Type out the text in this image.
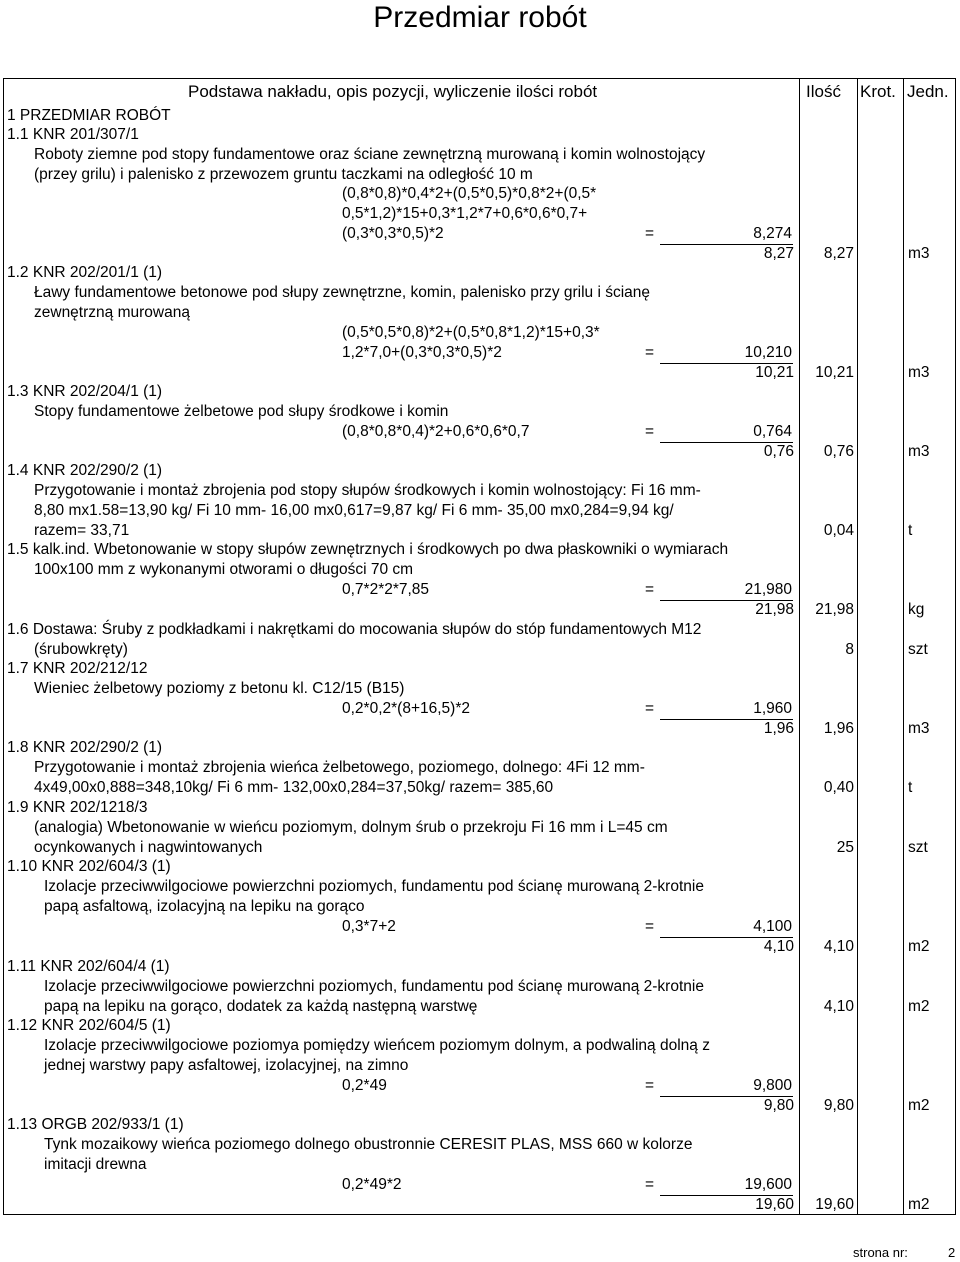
Przedmiar robót
Podstawa nakładu, opis pozycji, wyliczenie ilości robót	Ilość Krot. Jedn.
1 PRZEDMIAR ROBÓT
1.1 KNR 201/307/1
Roboty ziemne pod stopy fundamentowe oraz ściane zewnętrzną murowaną i komin wolnostojący
(przey grilu) i palenisko z przewozem gruntu taczkami na odległość 10 m
(0,8*0,8)*0,4*2+(0,5*0,5)*0,8*2+(0,5*
0,5*1,2)*15+0,3*1,2*7+0,6*0,6*0,7+
(0,3*0,3*0,5)*2	=	8,274
8,27	8,27	m3
1.2 KNR 202/201/1 (1)
Ławy fundamentowe betonowe pod słupy zewnętrzne, komin, palenisko przy grilu i ścianę
zewnętrzną murowaną
(0,5*0,5*0,8)*2+(0,5*0,8*1,2)*15+0,3*
1,2*7,0+(0,3*0,3*0,5)*2	=	10,210
10,21	10,21	m3
1.3 KNR 202/204/1 (1)
Stopy fundamentowe żelbetowe pod słupy środkowe i komin
(0,8*0,8*0,4)*2+0,6*0,6*0,7	=	0,764
0,76	0,76	m3
1.4 KNR 202/290/2 (1)
Przygotowanie i montaż zbrojenia pod stopy słupów środkowych i komin wolnostojący: Fi 16 mm-
8,80 mx1.58=13,90 kg/ Fi 10 mm- 16,00 mx0,617=9,87 kg/ Fi 6 mm- 35,00 mx0,284=9,94 kg/
razem= 33,71	0,04	t
1.5 kalk.ind. Wbetonowanie w stopy słupów zewnętrznych i środkowych po dwa płaskowniki o wymiarach
100x100 mm z wykonanymi otworami o długości 70 cm
0,7*2*2*7,85	=	21,980
21,98	21,98	kg
1.6 Dostawa: Śruby z podkładkami i nakrętkami do mocowania słupów do stóp fundamentowych M12
(śrubowkręty)	8	szt
1.7 KNR 202/212/12
Wieniec żelbetowy poziomy z betonu kl. C12/15 (B15)
0,2*0,2*(8+16,5)*2	=	1,960
1,96	1,96	m3
1.8 KNR 202/290/2 (1)
Przygotowanie i montaż zbrojenia wieńca żelbetowego, poziomego, dolnego: 4Fi 12 mm-
4x49,00x0,888=348,10kg/ Fi 6 mm- 132,00x0,284=37,50kg/ razem= 385,60	0,40	t
1.9 KNR 202/1218/3
(analogia) Wbetonowanie w wieńcu poziomym, dolnym śrub o przekroju Fi 16 mm i L=45 cm
ocynkowanych i nagwintowanych	25	szt
1.10 KNR 202/604/3 (1)
Izolacje przeciwwilgociowe powierzchni poziomych, fundamentu pod ścianę murowaną 2-krotnie
papą asfaltową, izolacyjną na lepiku na gorąco
0,3*7+2	=	4,100
4,10	4,10	m2
1.11 KNR 202/604/4 (1)
Izolacje przeciwwilgociowe powierzchni poziomych, fundamentu pod ścianę murowaną 2-krotnie
papą na lepiku na gorąco, dodatek za każdą następną warstwę	4,10	m2
1.12 KNR 202/604/5 (1)
Izolacje przeciwwilgociowe poziomya pomiędzy wieńcem poziomym dolnym, a podwaliną dolną z
jednej warstwy papy asfaltowej, izolacyjnej, na zimno
0,2*49	=	9,800
9,80	9,80	m2
1.13 ORGB 202/933/1 (1)
Tynk mozaikowy wieńca poziomego dolnego obustronnie CERESIT PLAS, MSS 660 w kolorze
imitacji drewna
0,2*49*2	=	19,600
19,60	19,60	m2
strona nr:	2
